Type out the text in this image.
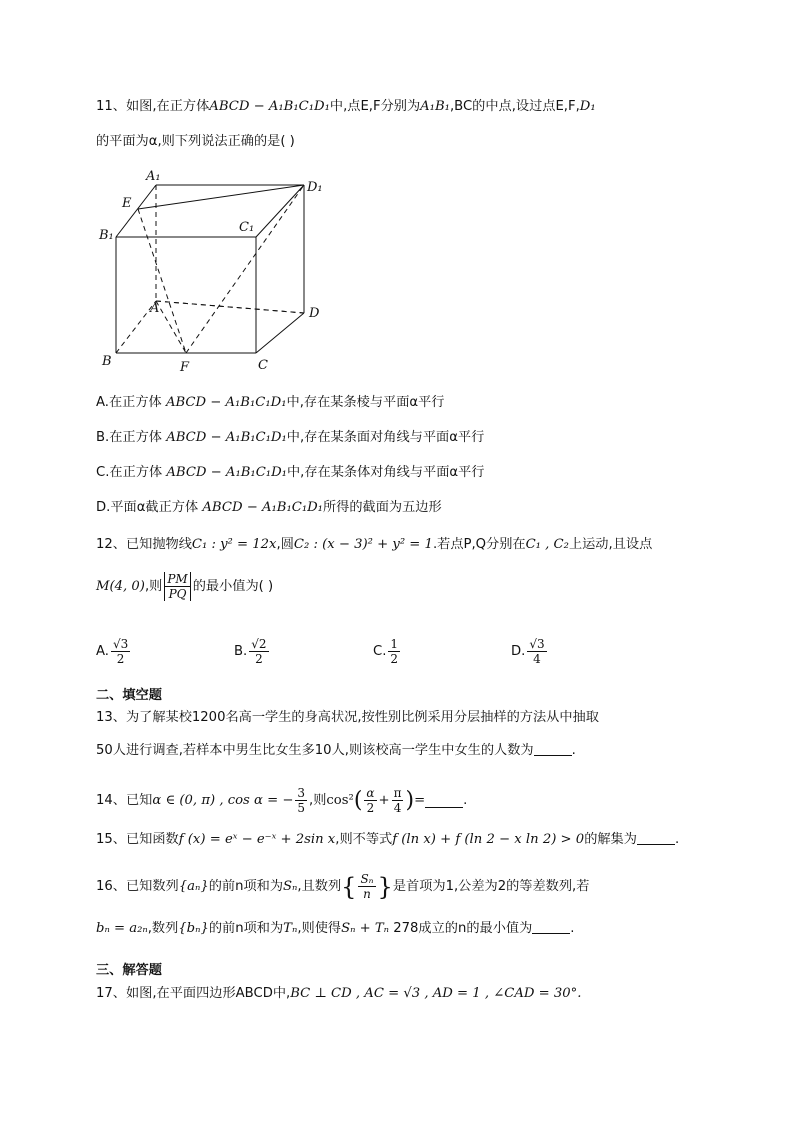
11、如图,在正方体ABCD − A₁B₁C₁D₁中,点E,F分别为A₁B₁,BC的中点,设过点E,F,D₁
的平面为α,则下列说法正确的是( )
A₁
D₁
E
C₁
B₁
A	D
B	F	C
A.在正方体 ABCD − A₁B₁C₁D₁中,存在某条棱与平面α平行
B.在正方体 ABCD − A₁B₁C₁D₁中,存在某条面对角线与平面α平行
C.在正方体 ABCD − A₁B₁C₁D₁中,存在某条体对角线与平面α平行
D.平面α截正方体 ABCD − A₁B₁C₁D₁所得的截面为五边形
12、已知抛物线C₁ : y² = 12x,圆C₂ : (x − 3)² + y² = 1.若点P,Q分别在C₁ , C₂上运动,且设点
M(4, 0) ,则 $\frac{PM}{PQ}$ 的最小值为( )
A. $\frac{√3}{2}$	B. $\frac{√2}{2}$	C. $\frac{1}{2}$	D. $\frac{√3}{4}$
二、填空题
13、为了解某校1200名高一学生的身高状况,按性别比例采用分层抽样的方法从中抽取
50人进行调查,若样本中男生比女生多10人,则该校高一学生中女生的人数为	.
14、 已知 α ∈ (0, π) , cos α = − $\frac{3}{5}$ ,则 cos² ( $\frac{\alpha}{2} + \frac{\pi}{4}$ ) =	.
15、已知函数f (x) = eˣ − e⁻ˣ + 2sin x,则不等式f (ln x) + f (ln 2 − x ln 2) > 0的解集为	.
16、 已知数列 {aₙ} 的前n项和为 Sₙ ,且数列 { $\frac{\text{Sₙ}}{n}$ } 是首项为1,公差为2的等差数列,若
bₙ = a₂ₙ,数列{bₙ}的前n项和为Tₙ,则使得Sₙ + Tₙ 278成立的n的最小值为	.
三、解答题
17、如图,在平面四边形ABCD中,BC ⊥ CD , AC = √3 , AD = 1 , ∠CAD = 30°.
